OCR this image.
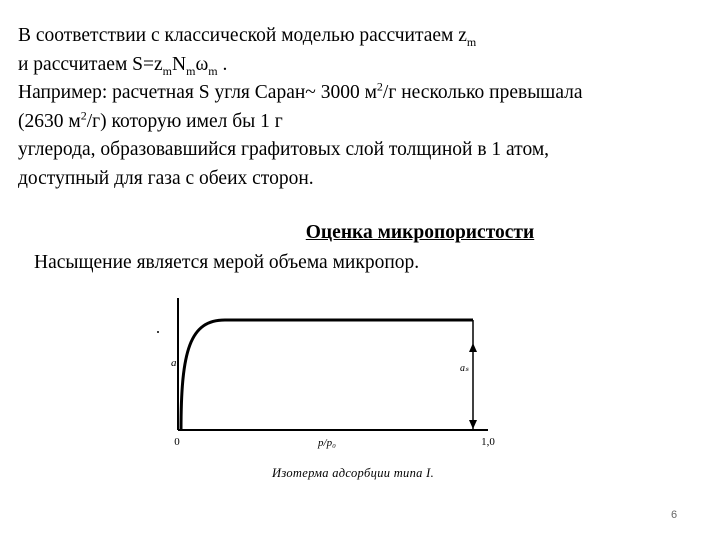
В соответствии с классической моделью рассчитаем $z_m$
и рассчитаем $S=z_mN_m\omega_m$ .
Например: расчетная S угля Саран~ 3000 $м^2/г$ несколько превышала
(2630 $м^2/г$) которую имел бы 1 г
углерода, образовавшийся графитовых слой толщиной в 1 атом,
доступный для газа с обеих сторон.
Оценка микропористости
Насыщение является мерой объема микропор.
a
0	p/p₀	1,0
aₛ
Изотерма адсорбции типа I.
6
